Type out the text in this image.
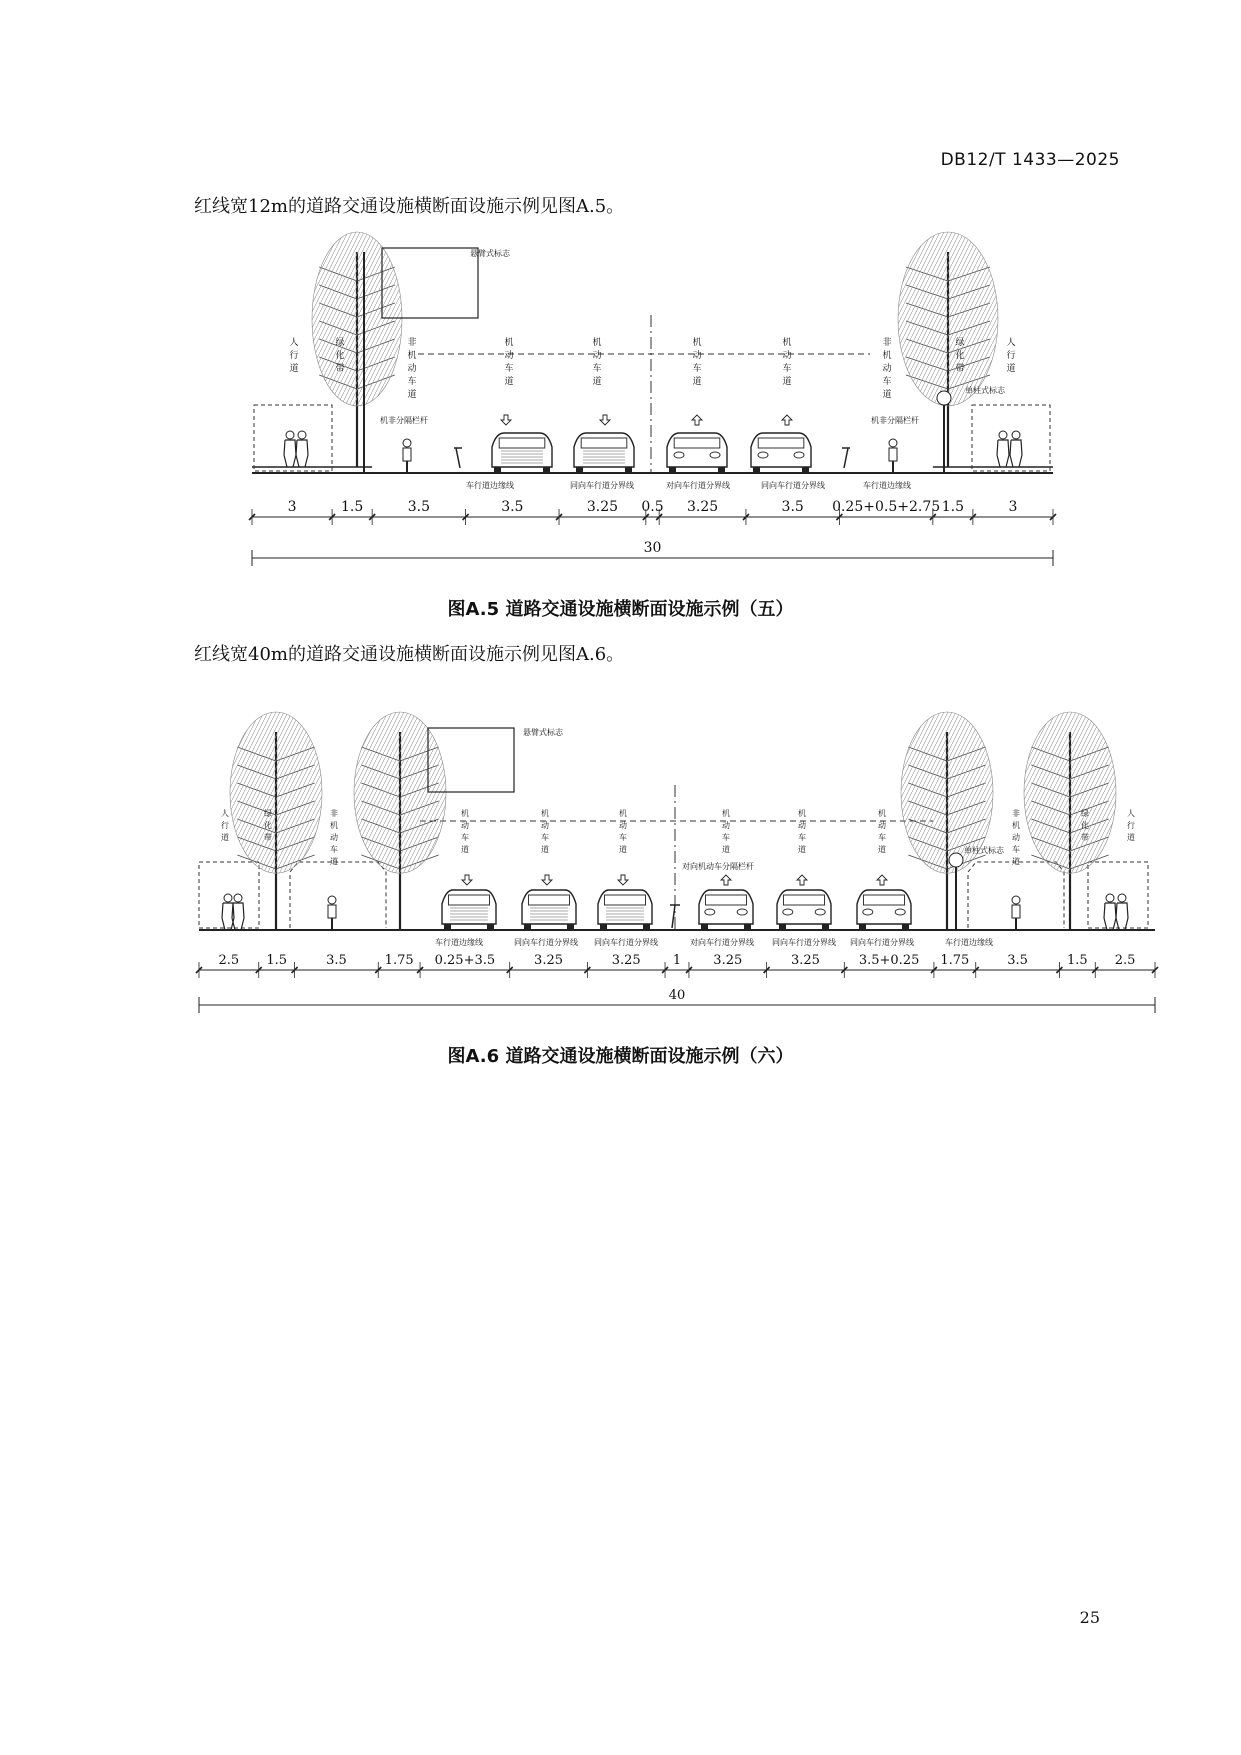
DB12/T 1433—2025
红线宽12m的道路交通设施横断面设施示例见图A.5。
悬臂式标志
单柱式标志
人
行
道
绿
化
带
非
机
动
车
道
机
动
车
道
机
动
车
道
机
动
车
道
机
动
车
道
非
机
动
车
道
绿
化
带
人
行
道
机非分隔栏杆	机非分隔栏杆
车行道边缘线	同向车行道分界线	对向车行道分界线	同向车行道分界线	车行道边缘线
3	1.5	3.5	3.5	3.25 0.5 3.25	3.5 0.25+0.5+2.75 1.5	3
30
图A.5 道路交通设施横断面设施示例（五）
红线宽40m的道路交通设施横断面设施示例见图A.6。
悬臂式标志
单柱式标志
对向机动车分隔栏杆
人
行
道
绿
化
带
非
机
动
车
道
机
动
车
道
机
动
车
道
机
动
车
道
机
动
车
道
机
动
车
道
机
动
车
道
非
机
动
车
道
绿
化
带
人
行
道
车行道边缘线	同向车行道分界线 同向车行道分界线	对向车行道分界线 同向车行道分界线 同向车行道分界线	车行道边缘线
2.5 1.5	3.5	1.75 0.25+3.5	3.25	3.25 1 3.25	3.25	3.5+0.25 1.75	3.5	1.5 2.5
40
图A.6 道路交通设施横断面设施示例（六）
25
